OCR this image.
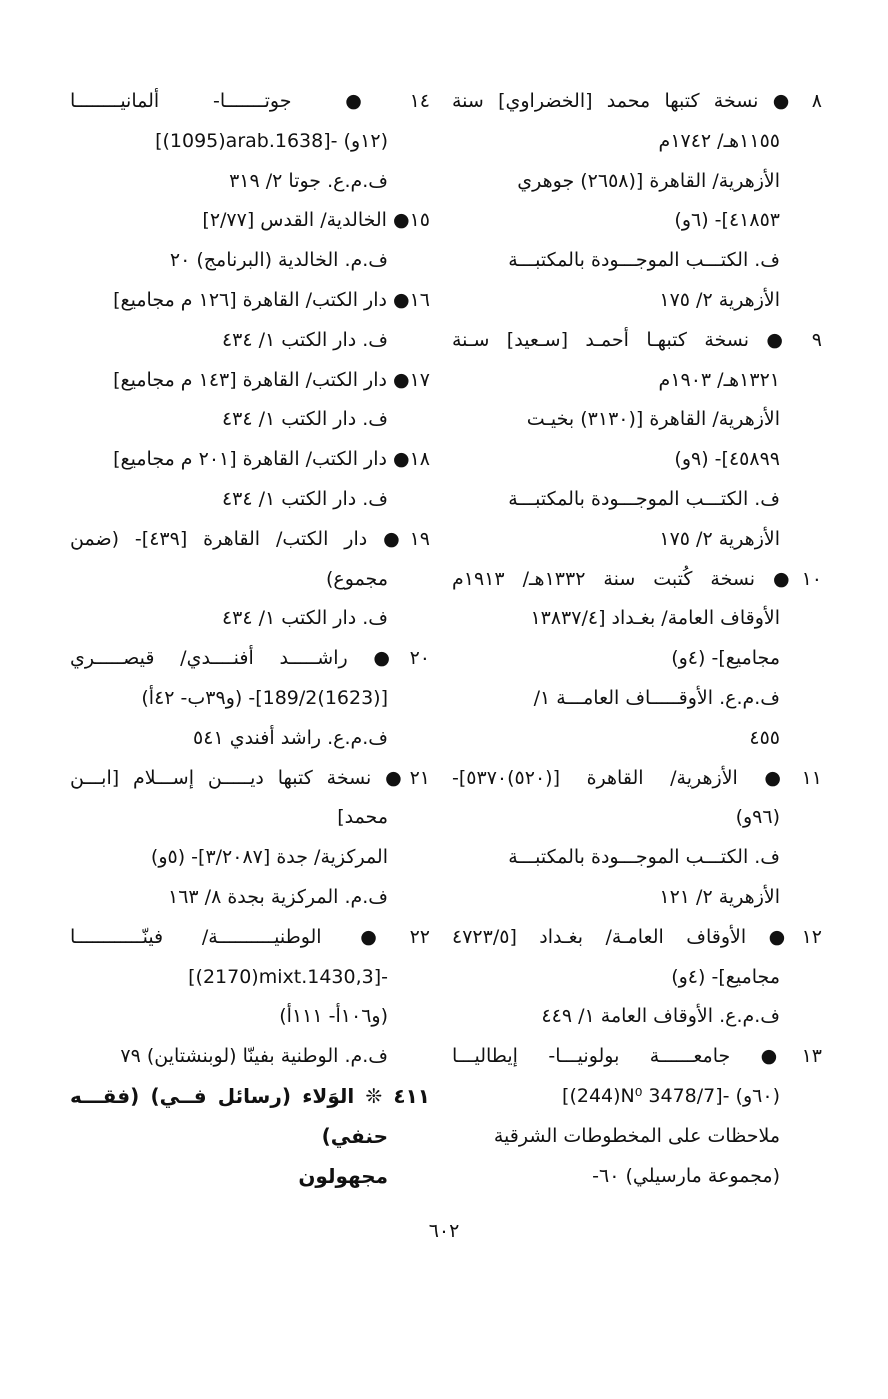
٨ ● نسخة كتبها محمد [الخضراوي] سنة
١١٥٥هـ/ ١٧٤٢م
الأزهرية/ القاهرة [(٢٦٥٨) جوهري
٤١٨٥٣]- (٦و)
ف. الكتـــب الموجـــودة بالمكتبـــة
الأزهرية ٢/ ١٧٥
٩ ● نسخة كتبهـا أحمـد [سـعيد] سـنة
١٣٢١هـ/ ١٩٠٣م
الأزهرية/ القاهرة [(٣١٣٠) بخيـت
٤٥٨٩٩]- (٩و)
ف. الكتـــب الموجـــودة بالمكتبـــة
الأزهرية ٢/ ١٧٥
١٠● نسخة كُتبت سنة ١٣٣٢هـ/ ١٩١٣م
الأوقاف العامة/ بغـداد [١٣٨٣٧/٤
مجاميع]- (٤و)
ف.م.ع. الأوقـــــاف العامـــة ١/
٤٥٥
١١● الأزهرية/ القاهرة [(٥٢٠)٥٣٧٠]-
(٩٦و)
ف. الكتـــب الموجـــودة بالمكتبـــة
الأزهرية ٢/ ١٢١
١٢● الأوقاف العامـة/ بغـداد [٤٧٢٣/٥
مجاميع]- (٤و)
ف.م.ع. الأوقاف العامة ١/ ٤٤٩
١٣● جامعــــــة بولونيـــا- إيطاليـــا
[(244)N⁰ 3478/7]- (٦٠و)
ملاحظات على المخطوطات الشرقية
(مجموعة مارسيلي) ٦٠-
١٤● جوتـــــــا- ألمانيــــــــا
[(1095)arab.1638]- (١٢و)
ف.م.ع. جوتا ٢/ ٣١٩
١٥● الخالدية/ القدس [٢/٧٧]
ف.م. الخالدية (البرنامج) ٢٠
١٦● دار الكتب/ القاهرة [١٢٦ م مجاميع]
ف. دار الكتب ١/ ٤٣٤
١٧● دار الكتب/ القاهرة [١٤٣ م مجاميع]
ف. دار الكتب ١/ ٤٣٤
١٨● دار الكتب/ القاهرة [٢٠١ م مجاميع]
ف. دار الكتب ١/ ٤٣٤
١٩● دار الكتب/ القاهرة [٤٣٩]- (ضمن
مجموع)
ف. دار الكتب ١/ ٤٣٤
٢٠● راشـــــد أفنــــدي/ قيصـــــري
[(1623)189/2]- (و٣٩ب- ٤٢أ)
ف.م.ع. راشد أفندي ٥٤١
٢١● نسخة كتبها ديـــــن إســـلام [ابـــن
محمد]
المركزية/ جدة [٣/٢٠٨٧]- (٥و)
ف.م. المركزية بجدة ٨/ ١٦٣
٢٢● الوطنيــــــــــة/ فينّــــــــــــا
[(2170)mixt.1430,3]-
(و١٠٦أ- ١١١أ)
ف.م. الوطنية بفينّا (لوبنشتاين) ٧٩
٤١١ ❊ الوَلاء (رسائل فــي) (فقـــه
حنفي)
مجهولون
٦٠٢
